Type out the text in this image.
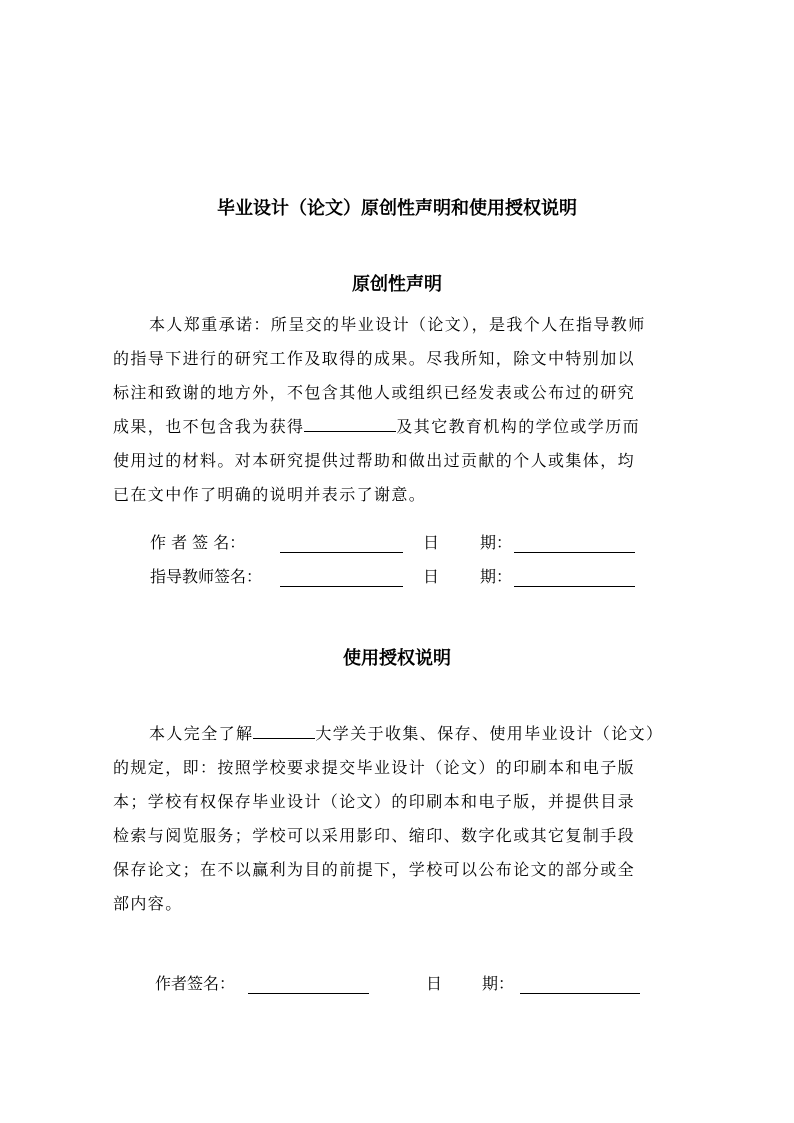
毕业设计（论文）原创性声明和使用授权说明
原创性声明
本人郑重承诺：所呈交的毕业设计（论文），是我个人在指导教师
的指导下进行的研究工作及取得的成果。尽我所知，除文中特别加以
标注和致谢的地方外，不包含其他人或组织已经发表或公布过的研究
成果，也不包含我为获得	及其它教育机构的学位或学历而
使用过的材料。对本研究提供过帮助和做出过贡献的个人或集体，均
已在文中作了明确的说明并表示了谢意。
作 者 签 名：	日	期：
指导教师签名：	日	期：
使用授权说明
本人完全了解	大学关于收集、保存、使用毕业设计（论文）
的规定，即：按照学校要求提交毕业设计（论文）的印刷本和电子版
本；学校有权保存毕业设计（论文）的印刷本和电子版，并提供目录
检索与阅览服务；学校可以采用影印、缩印、数字化或其它复制手段
保存论文；在不以赢利为目的前提下，学校可以公布论文的部分或全
部内容。
作者签名：	日 期：
